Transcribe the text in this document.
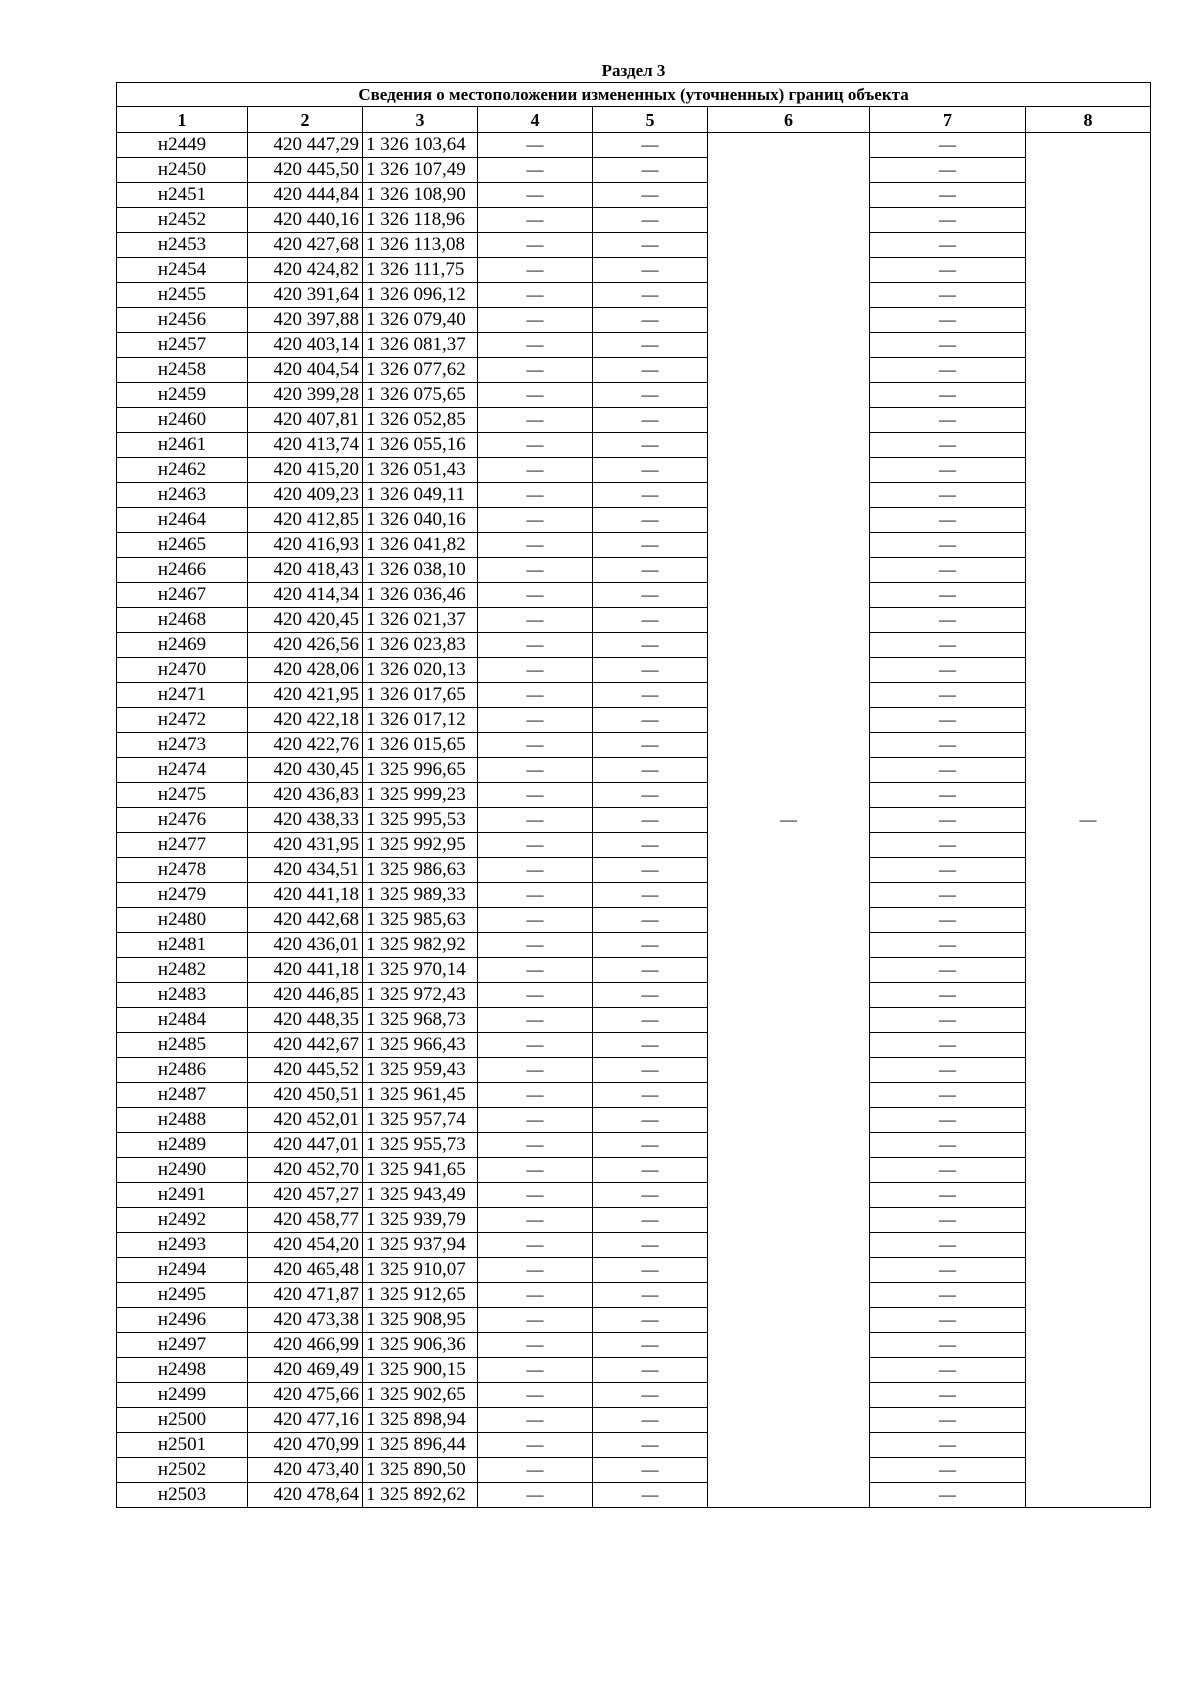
Раздел 3
Сведения о местоположении измененных (уточненных) границ объекта							
1	2	3	4	5	6	7	8
н2449	420 447,29	1 326 103,64	—	—	—	—	—
н2450	420 445,50	1 326 107,49	—	—		—	
н2451	420 444,84	1 326 108,90	—	—		—	
н2452	420 440,16	1 326 118,96	—	—		—	
н2453	420 427,68	1 326 113,08	—	—		—	
н2454	420 424,82	1 326 111,75	—	—		—	
н2455	420 391,64	1 326 096,12	—	—		—	
н2456	420 397,88	1 326 079,40	—	—		—	
н2457	420 403,14	1 326 081,37	—	—		—	
н2458	420 404,54	1 326 077,62	—	—		—	
н2459	420 399,28	1 326 075,65	—	—		—	
н2460	420 407,81	1 326 052,85	—	—		—	
н2461	420 413,74	1 326 055,16	—	—		—	
н2462	420 415,20	1 326 051,43	—	—		—	
н2463	420 409,23	1 326 049,11	—	—		—	
н2464	420 412,85	1 326 040,16	—	—		—	
н2465	420 416,93	1 326 041,82	—	—		—	
н2466	420 418,43	1 326 038,10	—	—		—	
н2467	420 414,34	1 326 036,46	—	—		—	
н2468	420 420,45	1 326 021,37	—	—		—	
н2469	420 426,56	1 326 023,83	—	—		—	
н2470	420 428,06	1 326 020,13	—	—		—	
н2471	420 421,95	1 326 017,65	—	—		—	
н2472	420 422,18	1 326 017,12	—	—		—	
н2473	420 422,76	1 326 015,65	—	—		—	
н2474	420 430,45	1 325 996,65	—	—		—	
н2475	420 436,83	1 325 999,23	—	—		—	
н2476	420 438,33	1 325 995,53	—	—		—	
н2477	420 431,95	1 325 992,95	—	—		—	
н2478	420 434,51	1 325 986,63	—	—		—	
н2479	420 441,18	1 325 989,33	—	—		—	
н2480	420 442,68	1 325 985,63	—	—		—	
н2481	420 436,01	1 325 982,92	—	—		—	
н2482	420 441,18	1 325 970,14	—	—		—	
н2483	420 446,85	1 325 972,43	—	—		—	
н2484	420 448,35	1 325 968,73	—	—		—	
н2485	420 442,67	1 325 966,43	—	—		—	
н2486	420 445,52	1 325 959,43	—	—		—	
н2487	420 450,51	1 325 961,45	—	—		—	
н2488	420 452,01	1 325 957,74	—	—		—	
н2489	420 447,01	1 325 955,73	—	—		—	
н2490	420 452,70	1 325 941,65	—	—		—	
н2491	420 457,27	1 325 943,49	—	—		—	
н2492	420 458,77	1 325 939,79	—	—		—	
н2493	420 454,20	1 325 937,94	—	—		—	
н2494	420 465,48	1 325 910,07	—	—		—	
н2495	420 471,87	1 325 912,65	—	—		—	
н2496	420 473,38	1 325 908,95	—	—		—	
н2497	420 466,99	1 325 906,36	—	—		—	
н2498	420 469,49	1 325 900,15	—	—		—	
н2499	420 475,66	1 325 902,65	—	—		—	
н2500	420 477,16	1 325 898,94	—	—		—	
н2501	420 470,99	1 325 896,44	—	—		—	
н2502	420 473,40	1 325 890,50	—	—		—	
н2503	420 478,64	1 325 892,62	—	—		—	
